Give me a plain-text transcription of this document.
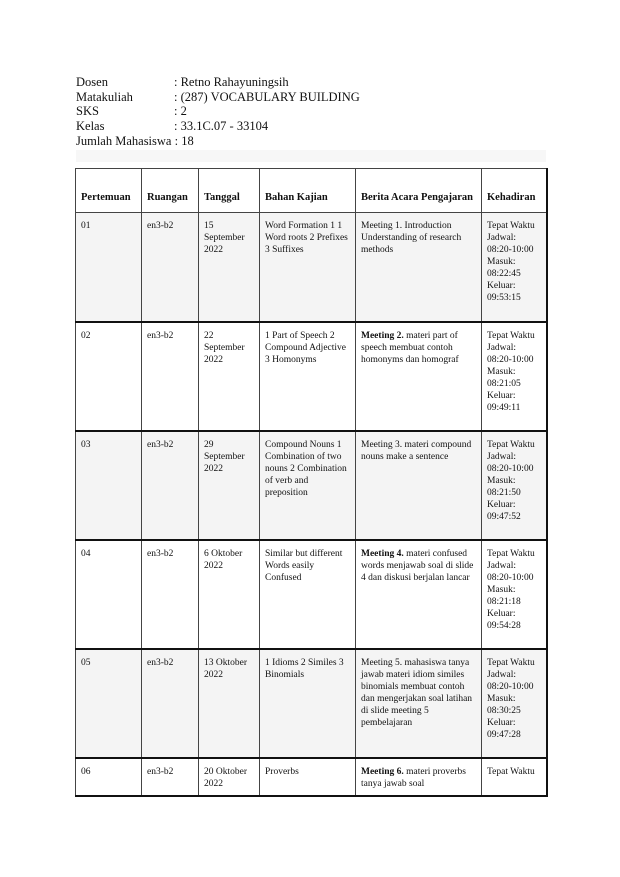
Dosen	: Retno Rahayuningsih
Matakuliah	: (287) VOCABULARY BUILDING
SKS	: 2
Kelas	: 33.1C.07 - 33104
Jumlah Mahasiswa
: 18
Pertemuan	Ruangan	Tanggal	Bahan Kajian	Berita Acara Pengajaran	Kehadiran
01	en3-b2	15 September 2022	Word Formation 1 1 Word roots 2 Prefixes 3 Suffixes	Meeting 1. Introduction Understanding of research methods	Tepat Waktu
Jadwal: 08:20-10:00
Masuk: 08:22:45
Keluar: 09:53:15

02	en3-b2	22 September 2022	1 Part of Speech 2 Compound Adjective 3 Homonyms	Meeting 2. materi part of speech membuat contoh homonyms dan homograf	Tepat Waktu
Jadwal: 08:20-10:00
Masuk: 08:21:05
Keluar: 09:49:11

03	en3-b2	29 September 2022	Compound Nouns 1 Combination of two nouns 2 Combination of verb and preposition	Meeting 3. materi compound nouns make a sentence	Tepat Waktu
Jadwal: 08:20-10:00
Masuk: 08:21:50
Keluar: 09:47:52

04	en3-b2	6 Oktober 2022	Similar but different Words easily Confused	Meeting 4. materi confused words menjawab soal di slide 4 dan diskusi berjalan lancar	Tepat Waktu
Jadwal: 08:20-10:00
Masuk: 08:21:18
Keluar: 09:54:28

05	en3-b2	13 Oktober 2022	1 Idioms 2 Similes 3 Binomials	Meeting 5. mahasiswa tanya jawab materi idiom similes binomials membuat contoh dan mengerjakan soal latihan di slide meeting 5 pembelajaran	Tepat Waktu
Jadwal: 08:20-10:00
Masuk: 08:30:25
Keluar: 09:47:28

06	en3-b2	20 Oktober 2022	Proverbs	Meeting 6. materi proverbs tanya jawab soal	Tepat Waktu
